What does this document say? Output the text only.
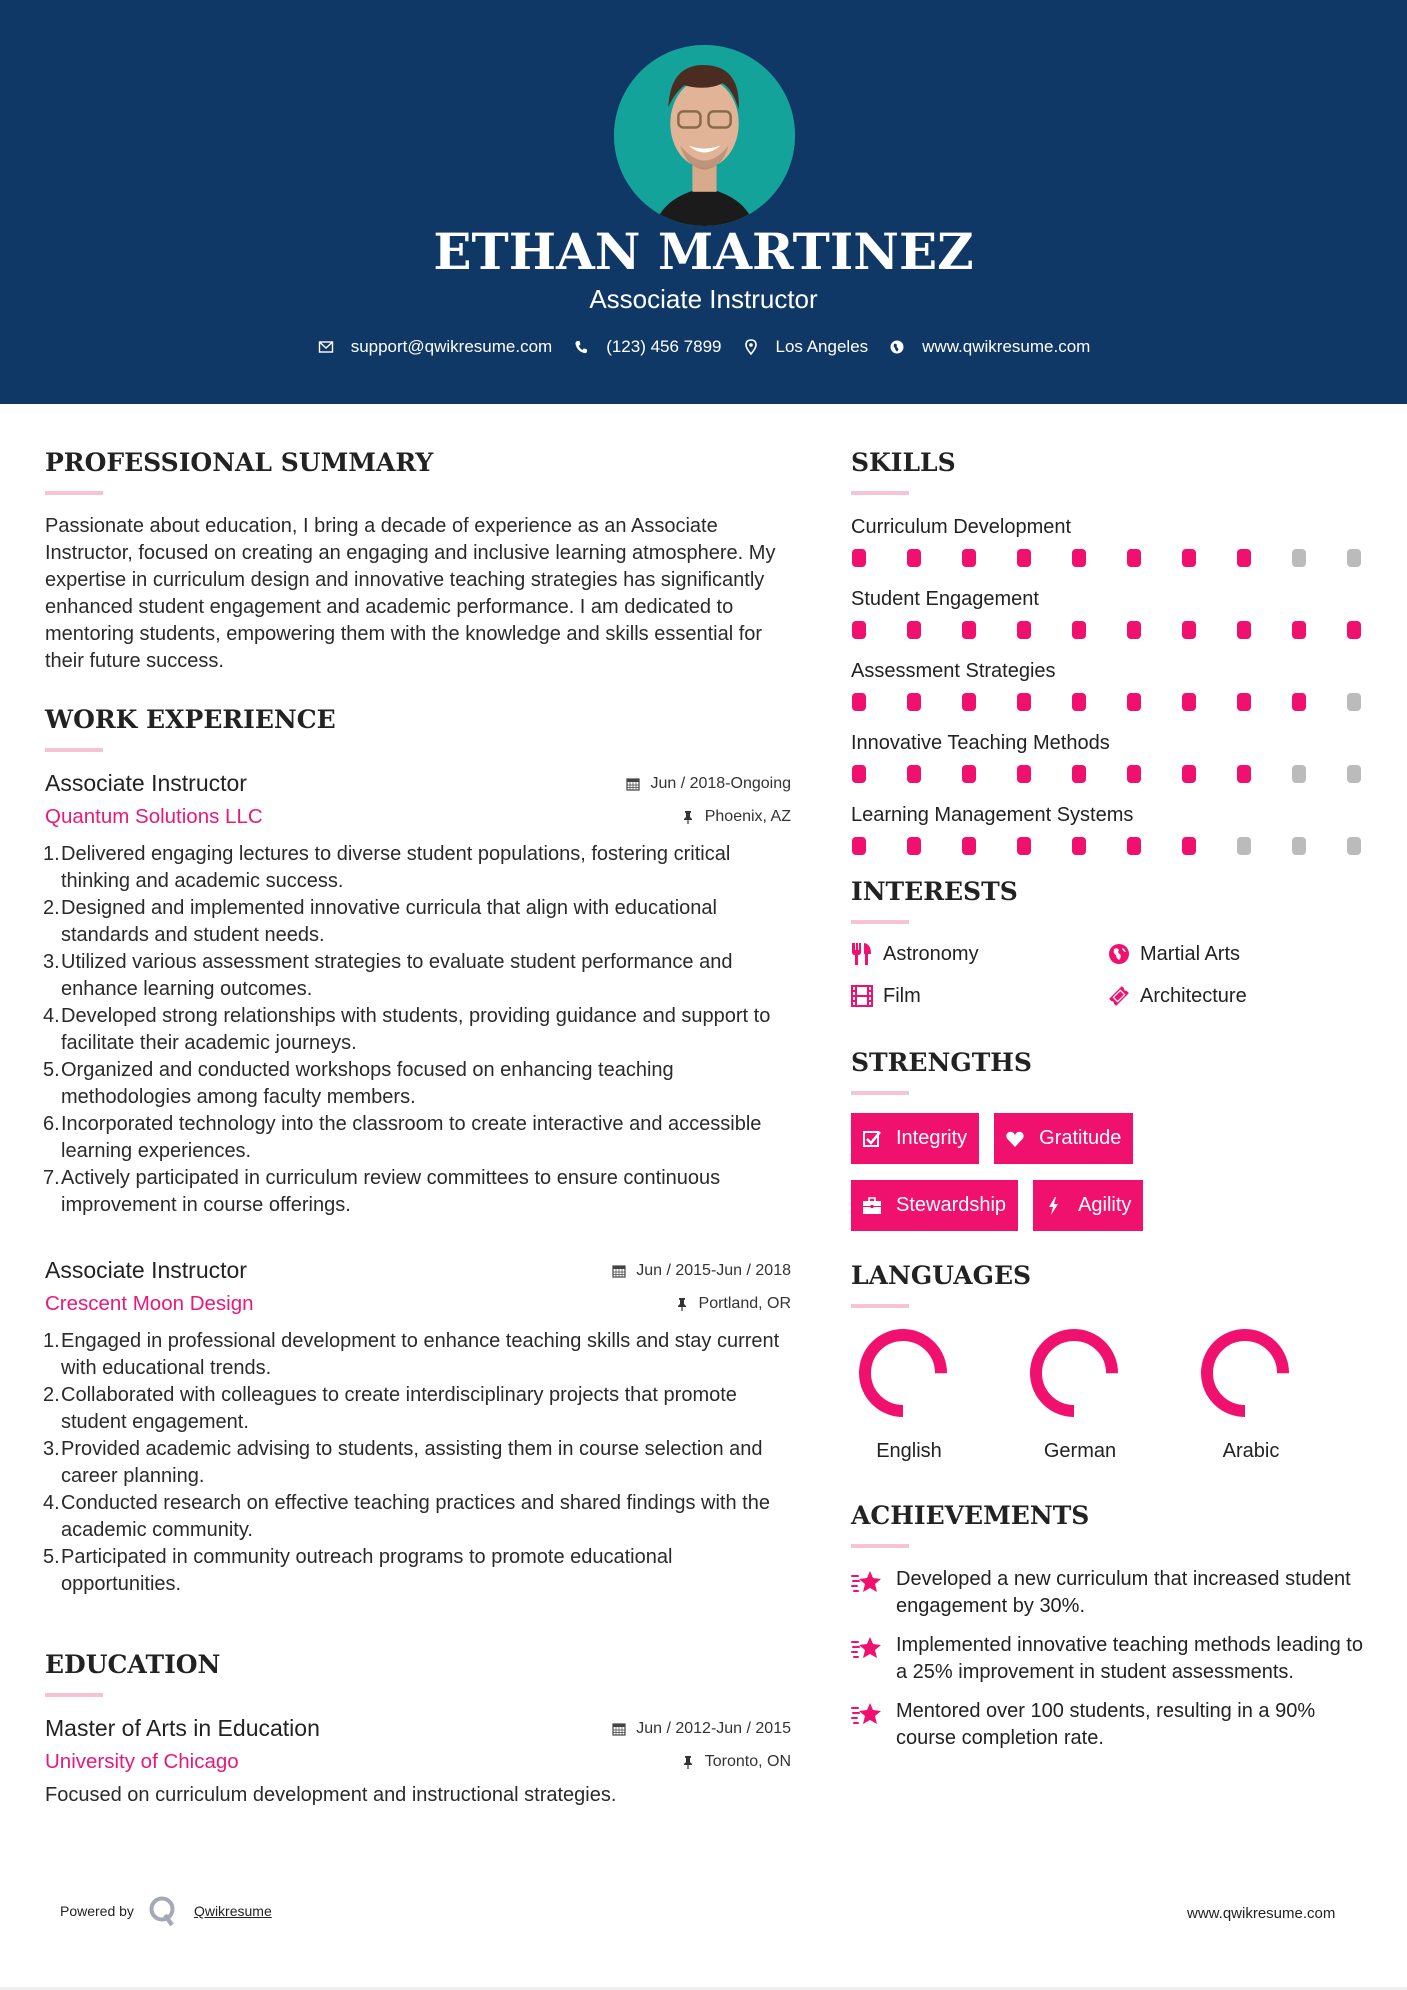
ETHAN MARTINEZ
Associate Instructor
support@qwikresume.com	(123) 456 7899	Los Angeles	www.qwikresume.com
PROFESSIONAL SUMMARY

Passionate about education, I bring a decade of experience as an Associate Instructor, focused on creating an engaging and inclusive learning atmosphere. My expertise in curriculum design and innovative teaching strategies has significantly enhanced student engagement and academic performance. I am dedicated to mentoring students, empowering them with the knowledge and skills essential for their future success.

WORK EXPERIENCE
Associate Instructor	Jun / 2018-Ongoing
Quantum Solutions LLC	Phoenix, AZ
1. Delivered engaging lectures to diverse student populations, fostering critical thinking and academic success.
2. Designed and implemented innovative curricula that align with educational standards and student needs.
3. Utilized various assessment strategies to evaluate student performance and enhance learning outcomes.
4. Developed strong relationships with students, providing guidance and support to facilitate their academic journeys.
5. Organized and conducted workshops focused on enhancing teaching methodologies among faculty members.
6. Incorporated technology into the classroom to create interactive and accessible learning experiences.
7. Actively participated in curriculum review committees to ensure continuous improvement in course offerings.
Associate Instructor	Jun / 2015-Jun / 2018
Crescent Moon Design	Portland, OR
1. Engaged in professional development to enhance teaching skills and stay current with educational trends.
2. Collaborated with colleagues to create interdisciplinary projects that promote student engagement.
3. Provided academic advising to students, assisting them in course selection and career planning.
4. Conducted research on effective teaching practices and shared findings with the academic community.
5. Participated in community outreach programs to promote educational opportunities.
EDUCATION
Master of Arts in Education	Jun / 2012-Jun / 2015
University of Chicago	Toronto, ON

Focused on curriculum development and instructional strategies.

SKILLS
Curriculum Development
Student Engagement
Assessment Strategies
Innovative Teaching Methods
Learning Management Systems
INTERESTS
Astronomy	Martial Arts
Film	Architecture
STRENGTHS
Integrity	Gratitude
Stewardship	Agility
LANGUAGES
English	German	Arabic
ACHIEVEMENTS
Developed a new curriculum that increased student engagement by 30%.
Implemented innovative teaching methods leading to a 25% improvement in student assessments.
Mentored over 100 students, resulting in a 90% course completion rate.
Powered by	Qwikresume	www.qwikresume.com
